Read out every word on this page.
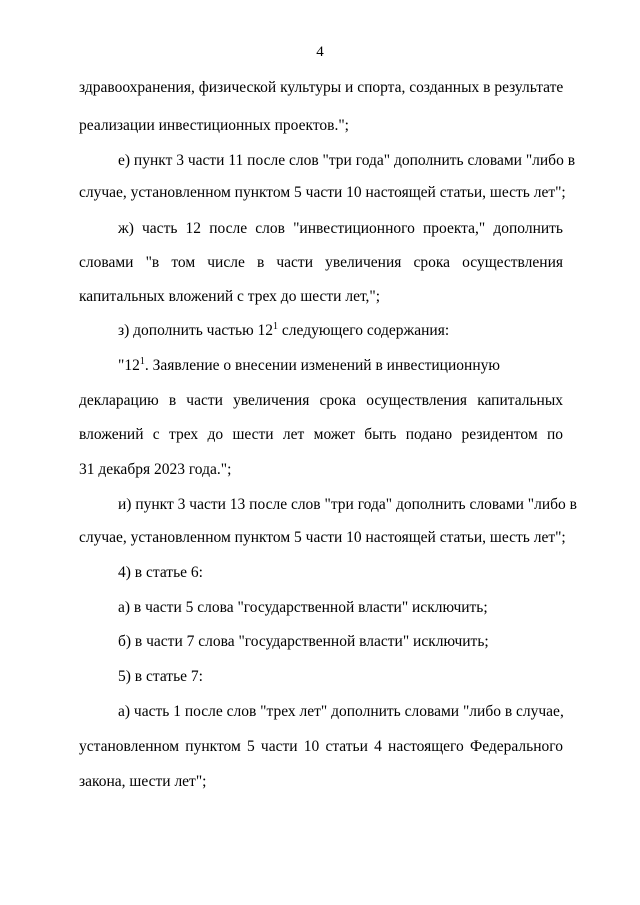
4
здравоохранения, физической культуры и спорта, созданных в результате
реализации инвестиционных проектов.";
е) пункт 3 части 11 после слов "три года" дополнить словами "либо в
случае, установленном пунктом 5 части 10 настоящей статьи, шесть лет";
ж) часть 12 после слов "инвестиционного проекта," дополнить
словами "в том числе в части увеличения срока осуществления
капитальных вложений с трех до шести лет,";
з) дополнить частью $12^1$ следующего содержания:
"$12^1$. Заявление о внесении изменений в инвестиционную
декларацию в части увеличения срока осуществления капитальных
вложений с трех до шести лет может быть подано резидентом по
31 декабря 2023 года.";
и) пункт 3 части 13 после слов "три года" дополнить словами "либо в
случае, установленном пунктом 5 части 10 настоящей статьи, шесть лет";
4) в статье 6:
а) в части 5 слова "государственной власти" исключить;
б) в части 7 слова "государственной власти" исключить;
5) в статье 7:
а) часть 1 после слов "трех лет" дополнить словами "либо в случае,
установленном пунктом 5 части 10 статьи 4 настоящего Федерального
закона, шести лет";
